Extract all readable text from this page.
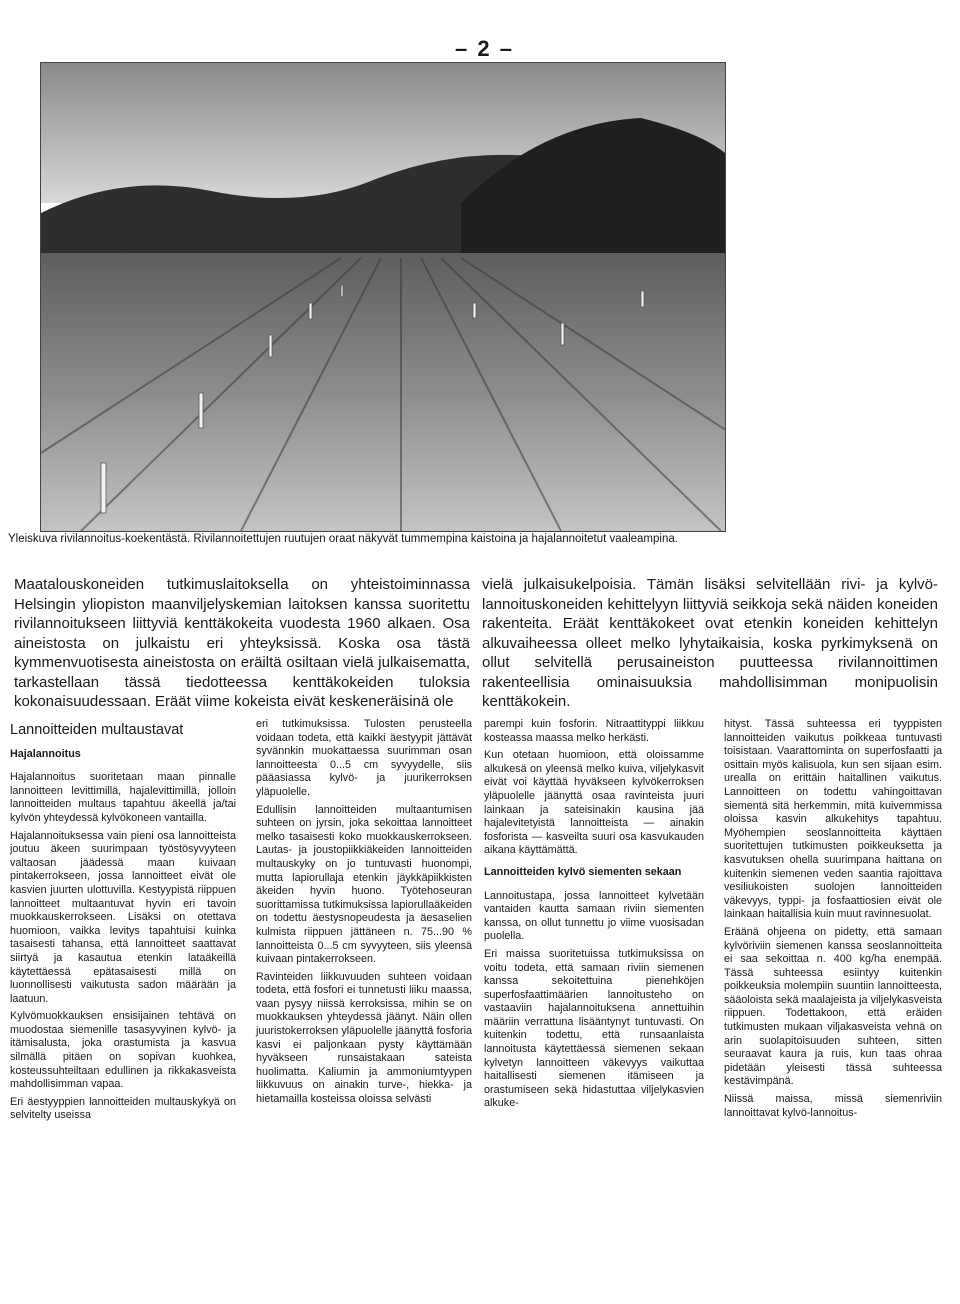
– 2 –
Yleiskuva rivilannoitus-koekentästä. Rivilannoitettujen ruutujen oraat näkyvät tummempina kaistoina ja hajalannoitetut vaaleampina.
Maatalouskoneiden tutkimuslaitoksella on yhteistoiminnassa Helsingin yliopiston maanviljelyskemian laitoksen kanssa suoritettu rivilannoitukseen liittyviä kenttäkokeita vuodesta 1960 alkaen. Osa aineistosta on julkaistu eri yhteyksissä. Koska osa tästä kymmenvuotisesta aineistosta on eräiltä osiltaan vielä julkaisematta, tarkastellaan tässä tiedotteessa kenttäkokeiden tuloksia kokonaisuudessaan. Eräät viime kokeista eivät keskeneräisinä ole
vielä julkaisukelpoisia. Tämän lisäksi selvitellään rivi- ja kylvö-lannoituskoneiden kehittelyyn liittyviä seikkoja sekä näiden koneiden rakenteita. Eräät kenttäkokeet ovat etenkin koneiden kehittelyn alkuvaiheessa olleet melko lyhytaikaisia, koska pyrkimyksenä on ollut selvitellä perusaineiston puutteessa rivilannoittimen rakenteellisia ominaisuuksia mahdollisimman monipuolisin kenttäkokein.
Lannoitteiden multaustavat
Hajalannoitus

Hajalannoitus suoritetaan maan pinnalle lannoitteen levittimillä, hajalevittimillä, jolloin lannoitteiden multaus tapahtuu äkeellä ja/tai kylvön yhteydessä kylvökoneen vantailla.

Hajalannoituksessa vain pieni osa lannoitteista joutuu äkeen suurimpaan työstösyvyyteen valtaosan jäädessä maan kuivaan pintakerrokseen, jossa lannoitteet eivät ole kasvien juurten ulottuvilla. Kestyypistä riippuen lannoitteet multaantuvat hyvin eri tavoin muokkauskerrokseen. Lisäksi on otettava huomioon, vaikka levitys tapahtuisi kuinka tasaisesti tahansa, että lannoitteet saattavat siirtyä ja kasautua etenkin lataäkeillä käytettäessä epätasaisesti millä on luonnollisesti vaikutusta sadon määrään ja laatuun.

Kylvömuokkauksen ensisijainen tehtävä on muodostaa siemenille tasasyvyinen kylvö- ja itämisalusta, joka orastumista ja kasvua silmällä pitäen on sopivan kuohkea, kosteussuhteiltaan edullinen ja rikkakasveista mahdollisimman vapaa.

Eri äestyyppien lannoitteiden multauskykyä on selvitelty useissa

eri tutkimuksissa. Tulosten perusteella voidaan todeta, että kaikki äestyypit jättävät syvännkin muokattaessa suurimman osan lannoitteesta 0...5 cm syvyydelle, siis pääasiassa kylvö- ja juurikerroksen yläpuolelle.

Edullisin lannoitteiden multaantumisen suhteen on jyrsin, joka sekoittaa lannoitteet melko tasaisesti koko muokkauskerrokseen. Lautas- ja joustopiikkiäkeiden lannoitteiden multauskyky on jo tuntuvasti huonompi, mutta lapiorullaja etenkin jäykkäpiikkisten äkeiden hyvin huono. Työtehoseuran suorittamissa tutkimuksissa lapiorullaäkeiden on todettu äestysnopeudesta ja äesaselien kulmista riippuen jättäneen n. 75...90 % lannoitteista 0...5 cm syvyyteen, siis yleensä kuivaan pintakerrokseen.

Ravinteiden liikkuvuuden suhteen voidaan todeta, että fosfori ei tunnetusti liiku maassa, vaan pysyy niissä kerroksissa, mihin se on muokkauksen yhteydessä jäänyt. Näin ollen juuristokerroksen yläpuolelle jäänyttä fosforia kasvi ei paljonkaan pysty käyttämään hyväkseen runsaistakaan sateista huolimatta. Kaliumin ja ammoniumtyypen liikkuvuus on ainakin turve-, hiekka- ja hietamailla kosteissa oloissa selvästi

parempi kuin fosforin. Nitraattityppi liikkuu kosteassa maassa melko herkästi.

Kun otetaan huomioon, että oloissamme alkukesä on yleensä melko kuiva, viljelykasvit eivät voi käyttää hyväkseen kylvökerroksen yläpuolelle jäänyttä osaa ravinteista juuri lainkaan ja sateisinakin kausina jää hajalevitetyistä lannoitteista — ainakin fosforista — kasveilta suuri osa kasvukauden aikana käyttämättä.

Lannoitteiden kylvö siementen sekaan

Lannoitustapa, jossa lannoitteet kylvetään vantaiden kautta samaan riviin siementen kanssa, on ollut tunnettu jo viime vuosisadan puolella.

Eri maissa suoritetuissa tutkimuksissa on voitu todeta, että samaan riviin siemenen kanssa sekoitettuina pienehköjen superfosfaattimäärien lannoitusteho on vastaaviin hajalannoituksena annettuihin määriin verrattuna lisääntynyt tuntuvasti. On kuitenkin todettu, että runsaanlaista lannoitusta käytettäessä siemenen sekaan kylvetyn lannoitteen väkevyys vaikuttaa haitallisesti siemenen itämiseen ja orastumiseen sekä hidastuttaa viljelykasvien alkuke-

hityst. Tässä suhteessa eri tyyppisten lannoitteiden vaikutus poikkeaa tuntuvasti toisistaan. Vaarattominta on superfosfaatti ja osittain myös kalisuola, kun sen sijaan esim. urealla on erittäin haitallinen vaikutus. Lannoitteen on todettu vahingoittavan siementä sitä herkemmin, mitä kuivemmissa oloissa kasvin alkukehitys tapahtuu. Myöhempien seoslannoitteita käyttäen suoritettujen tutkimusten poikkeuksetta ja kasvutuksen ohella suurimpana haittana on kuitenkin siemenen veden saantia rajoittava vesiliukoisten suolojen lannoitteiden väkevyys, typpi- ja fosfaattiosien eivät ole lainkaan haitallisia kuin muut ravinnesuolat.

Eräänä ohjeena on pidetty, että samaan kylvöriviin siemenen kanssa seoslannoitteita ei saa sekoittaa n. 400 kg/ha enempää. Tässä suhteessa esiintyy kuitenkin poikkeuksia molempiin suuntiin lannoitteesta, sääoloista sekä maalajeista ja viljelykasveista riippuen. Todettakoon, että eräiden tutkimusten mukaan viljakasveista vehnä on arin suolapitoisuuden suhteen, sitten seuraavat kaura ja ruis, kun taas ohraa pidetään yleisesti tässä suhteessa kestävimpänä.

Niissä maissa, missä siemenriviin lannoittavat kylvö-lannoitus-
